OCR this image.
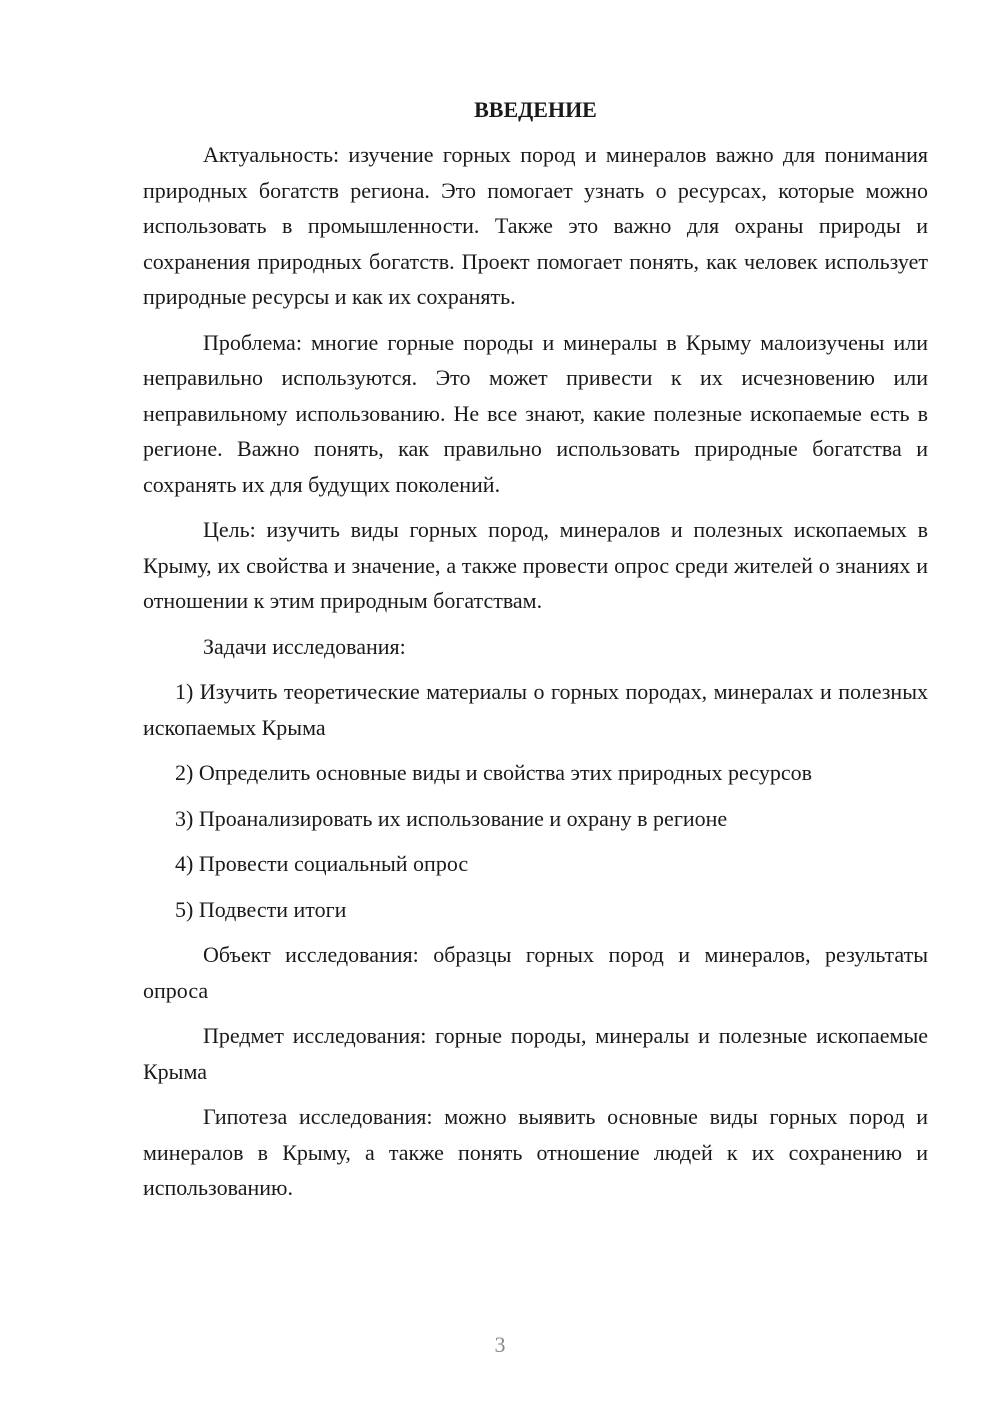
ВВЕДЕНИЕ

Актуальность: изучение горных пород и минералов важно для понимания природных богатств региона. Это помогает узнать о ресурсах, которые можно использовать в промышленности. Также это важно для охраны природы и сохранения природных богатств. Проект помогает понять, как человек использует природные ресурсы и как их сохранять.

Проблема: многие горные породы и минералы в Крыму малоизучены или неправильно используются. Это может привести к их исчезновению или неправильному использованию. Не все знают, какие полезные ископаемые есть в регионе. Важно понять, как правильно использовать природные богатства и сохранять их для будущих поколений.

Цель: изучить виды горных пород, минералов и полезных ископаемых в Крыму, их свойства и значение, а также провести опрос среди жителей о знаниях и отношении к этим природным богатствам.

Задачи исследования:

1) Изучить теоретические материалы о горных породах, минералах и полезных ископаемых Крыма

2) Определить основные виды и свойства этих природных ресурсов

3) Проанализировать их использование и охрану в регионе

4) Провести социальный опрос

5) Подвести итоги

Объект исследования: образцы горных пород и минералов, результаты опроса

Предмет исследования: горные породы, минералы и полезные ископаемые Крыма

Гипотеза исследования: можно выявить основные виды горных пород и минералов в Крыму, а также понять отношение людей к их сохранению и использованию.

3
